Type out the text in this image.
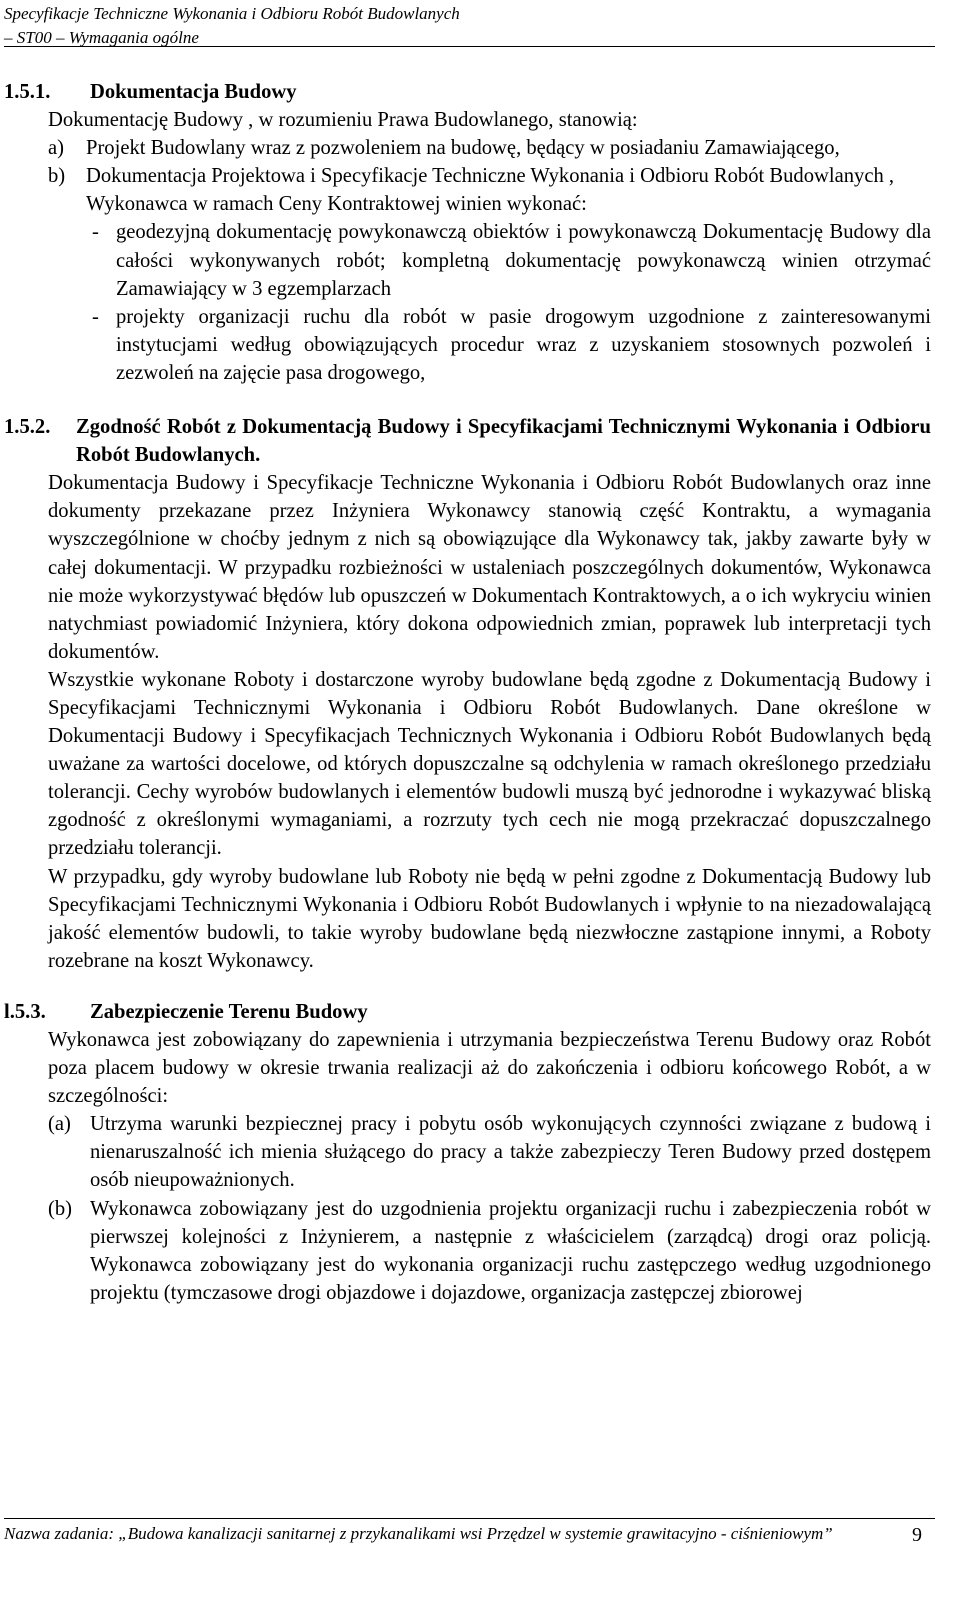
Specyfikacje Techniczne Wykonania i Odbioru Robót Budowlanych
– ST00 – Wymagania ogólne
1.5.1.	Dokumentacja Budowy
Dokumentację Budowy , w rozumieniu Prawa Budowlanego, stanowią:
a)	Projekt Budowlany wraz z pozwoleniem na budowę, będący w posiadaniu Zamawiającego,
b)	Dokumentacja Projektowa i Specyfikacje Techniczne Wykonania i Odbioru Robót Budowlanych ,
Wykonawca w ramach Ceny Kontraktowej winien wykonać:
- geodezyjną dokumentację powykonawczą obiektów i powykonawczą Dokumentację Budowy dla całości wykonywanych robót; kompletną dokumentację powykonawczą winien otrzymać Zamawiający w 3 egzemplarzach
- projekty organizacji ruchu dla robót w pasie drogowym uzgodnione z zainteresowanymi instytucjami według obowiązujących procedur wraz z uzyskaniem stosownych pozwoleń i zezwoleń na zajęcie pasa drogowego,
1.5.2.	Zgodność Robót z Dokumentacją Budowy i Specyfikacjami Technicznymi Wykonania i Odbioru Robót Budowlanych.
Dokumentacja Budowy i Specyfikacje Techniczne Wykonania i Odbioru Robót Budowlanych oraz inne dokumenty przekazane przez Inżyniera Wykonawcy stanowią część Kontraktu, a wymagania wyszczególnione w choćby jednym z nich są obowiązujące dla Wykonawcy tak, jakby zawarte były w całej dokumentacji. W przypadku rozbieżności w ustaleniach poszczególnych dokumentów, Wykonawca nie może wykorzystywać błędów lub opuszczeń w Dokumentach Kontraktowych, a o ich wykryciu winien natychmiast powiadomić Inżyniera, który dokona odpowiednich zmian, poprawek lub interpretacji tych dokumentów.
Wszystkie wykonane Roboty i dostarczone wyroby budowlane będą zgodne z Dokumentacją Budowy i Specyfikacjami Technicznymi Wykonania i Odbioru Robót Budowlanych. Dane określone w Dokumentacji Budowy i Specyfikacjach Technicznych Wykonania i Odbioru Robót Budowlanych będą uważane za wartości docelowe, od których dopuszczalne są odchylenia w ramach określonego przedziału tolerancji. Cechy wyrobów budowlanych i elementów budowli muszą być jednorodne i wykazywać bliską zgodność z określonymi wymaganiami, a rozrzuty tych cech nie mogą przekraczać dopuszczalnego przedziału tolerancji.
W przypadku, gdy wyroby budowlane lub Roboty nie będą w pełni zgodne z Dokumentacją Budowy lub Specyfikacjami Technicznymi Wykonania i Odbioru Robót Budowlanych i wpłynie to na niezadowalającą jakość elementów budowli, to takie wyroby budowlane będą niezwłoczne zastąpione innymi, a Roboty rozebrane na koszt Wykonawcy.
l.5.3.	Zabezpieczenie Terenu Budowy
Wykonawca jest zobowiązany do zapewnienia i utrzymania bezpieczeństwa Terenu Budowy oraz Robót poza placem budowy w okresie trwania realizacji aż do zakończenia i odbioru końcowego Robót, a w szczególności:
(a) Utrzyma warunki bezpiecznej pracy i pobytu osób wykonujących czynności związane z budową i nienaruszalność ich mienia służącego do pracy a także zabezpieczy Teren Budowy przed dostępem osób nieupoważnionych.
(b) Wykonawca zobowiązany jest do uzgodnienia projektu organizacji ruchu i zabezpieczenia robót w pierwszej kolejności z Inżynierem, a następnie z właścicielem (zarządcą) drogi oraz policją. Wykonawca zobowiązany jest do wykonania organizacji ruchu zastępczego według uzgodnionego projektu (tymczasowe drogi objazdowe i dojazdowe, organizacja zastępczej zbiorowej
Nazwa zadania: „Budowa kanalizacji sanitarnej z przykanalikami wsi Przędzel w systemie grawitacyjno - ciśnieniowym”	9
